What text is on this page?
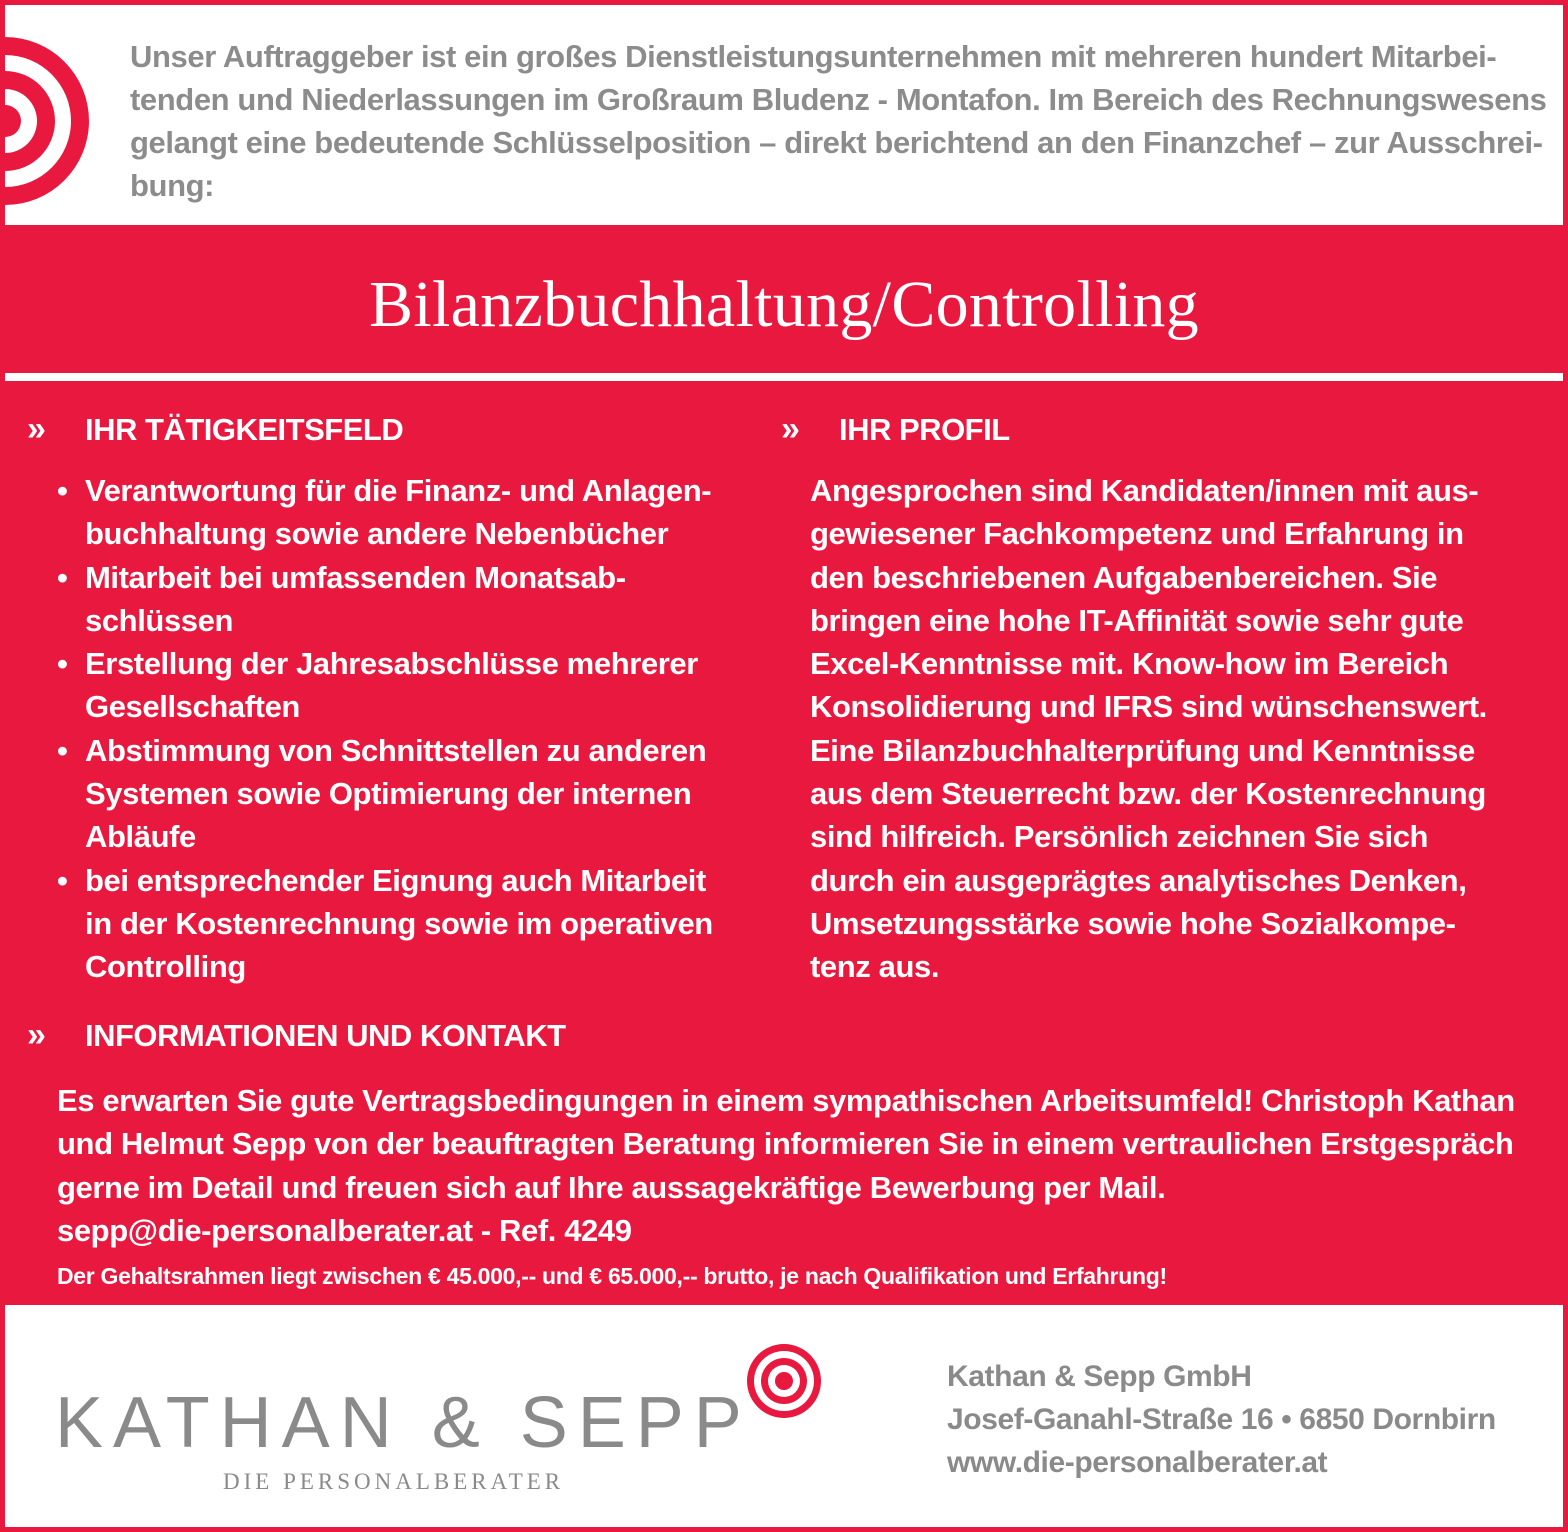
Unser Auftraggeber ist ein großes Dienstleistungsunternehmen mit mehreren hundert Mitarbei-
tenden und Niederlassungen im Großraum Bludenz - Montafon. Im Bereich des Rechnungswesens
gelangt eine bedeutende Schlüsselposition – direkt berichtend an den Finanzchef – zur Ausschrei-
bung:
Bilanzbuchhaltung/Controlling
» IHR TÄTIGKEITSFELD	» IHR PROFIL
• Verantwortung für die Finanz- und Anlagen-
buchhaltung sowie andere Nebenbücher
• Mitarbeit bei umfassenden Monatsab-
schlüssen
• Erstellung der Jahresabschlüsse mehrerer
Gesellschaften
• Abstimmung von Schnittstellen zu anderen
Systemen sowie Optimierung der internen
Abläufe
• bei entsprechender Eignung auch Mitarbeit
in der Kostenrechnung sowie im operativen
Controlling
Angesprochen sind Kandidaten/innen mit aus-
gewiesener Fachkompetenz und Erfahrung in
den beschriebenen Aufgabenbereichen. Sie
bringen eine hohe IT-Affinität sowie sehr gute
Excel-Kenntnisse mit. Know-how im Bereich
Konsolidierung und IFRS sind wünschenswert.
Eine Bilanzbuchhalterprüfung und Kenntnisse
aus dem Steuerrecht bzw. der Kostenrechnung
sind hilfreich. Persönlich zeichnen Sie sich
durch ein ausgeprägtes analytisches Denken,
Umsetzungsstärke sowie hohe Sozialkompe-
tenz aus.
» INFORMATIONEN UND KONTAKT
Es erwarten Sie gute Vertragsbedingungen in einem sympathischen Arbeitsumfeld! Christoph Kathan
und Helmut Sepp von der beauftragten Beratung informieren Sie in einem vertraulichen Erstgespräch
gerne im Detail und freuen sich auf Ihre aussagekräftige Bewerbung per Mail.
sepp@die-personalberater.at - Ref. 4249
Der Gehaltsrahmen liegt zwischen € 45.000,-- und € 65.000,-- brutto, je nach Qualifikation und Erfahrung!
KATHAN & SEPP
DIE PERSONALBERATER
Kathan & Sepp GmbH
Josef-Ganahl-Straße 16 • 6850 Dornbirn
www.die-personalberater.at
